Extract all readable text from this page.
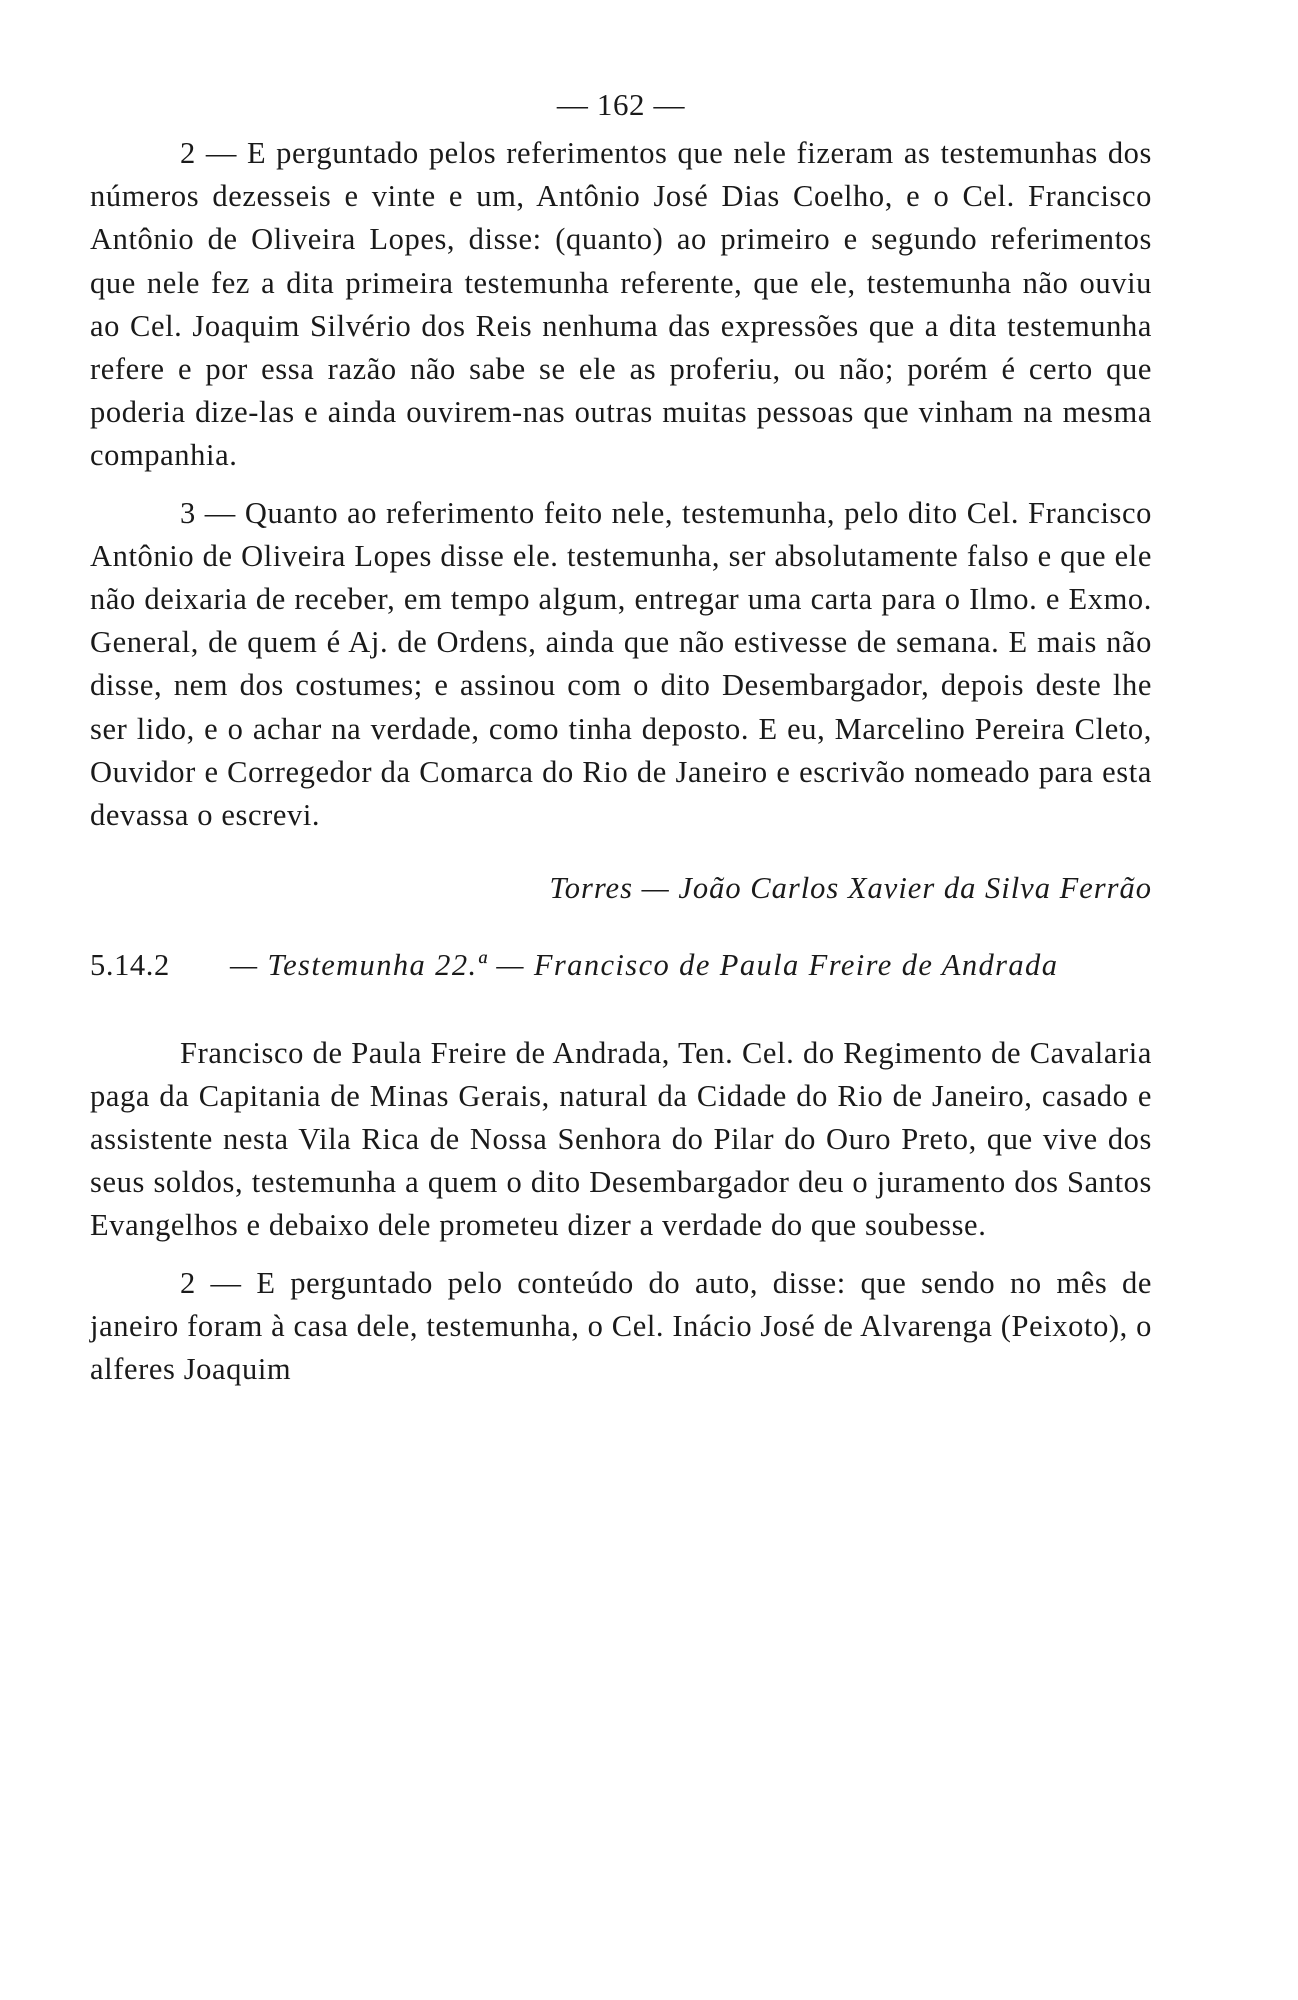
— 162 —

2 — E perguntado pelos referimentos que nele fizeram as testemunhas dos números dezesseis e vinte e um, Antônio José Dias Coelho, e o Cel. Francisco Antônio de Oliveira Lopes, disse: (quanto) ao primeiro e segundo referimentos que nele fez a dita primeira testemunha referente, que ele, testemunha não ouviu ao Cel. Joaquim Silvério dos Reis nenhuma das expressões que a dita testemunha refere e por essa razão não sabe se ele as proferiu, ou não; porém é certo que poderia dize-las e ainda ouvirem-nas outras muitas pessoas que vinham na mesma companhia.

3 — Quanto ao referimento feito nele, testemunha, pelo dito Cel. Francisco Antônio de Oliveira Lopes disse ele. testemunha, ser absolutamente falso e que ele não deixaria de receber, em tempo algum, entregar uma carta para o Ilmo. e Exmo. General, de quem é Aj. de Ordens, ainda que não estivesse de semana. E mais não disse, nem dos costumes; e assinou com o dito Desembargador, depois deste lhe ser lido, e o achar na verdade, como tinha deposto. E eu, Marcelino Pereira Cleto, Ouvidor e Corregedor da Comarca do Rio de Janeiro e escrivão nomeado para esta devassa o escrevi.

Torres — João Carlos Xavier da Silva Ferrão
5.14.2	— Testemunha 22.ª — Francisco de Paula Freire de Andrada

Francisco de Paula Freire de Andrada, Ten. Cel. do Regimento de Cavalaria paga da Capitania de Minas Gerais, natural da Cidade do Rio de Janeiro, casado e assistente nesta Vila Rica de Nossa Senhora do Pilar do Ouro Preto, que vive dos seus soldos, testemunha a quem o dito Desembargador deu o juramento dos Santos Evangelhos e debaixo dele prometeu dizer a verdade do que soubesse.

2 — E perguntado pelo conteúdo do auto, disse: que sendo no mês de janeiro foram à casa dele, testemunha, o Cel. Inácio José de Alvarenga (Peixoto), o alferes Joaquim
